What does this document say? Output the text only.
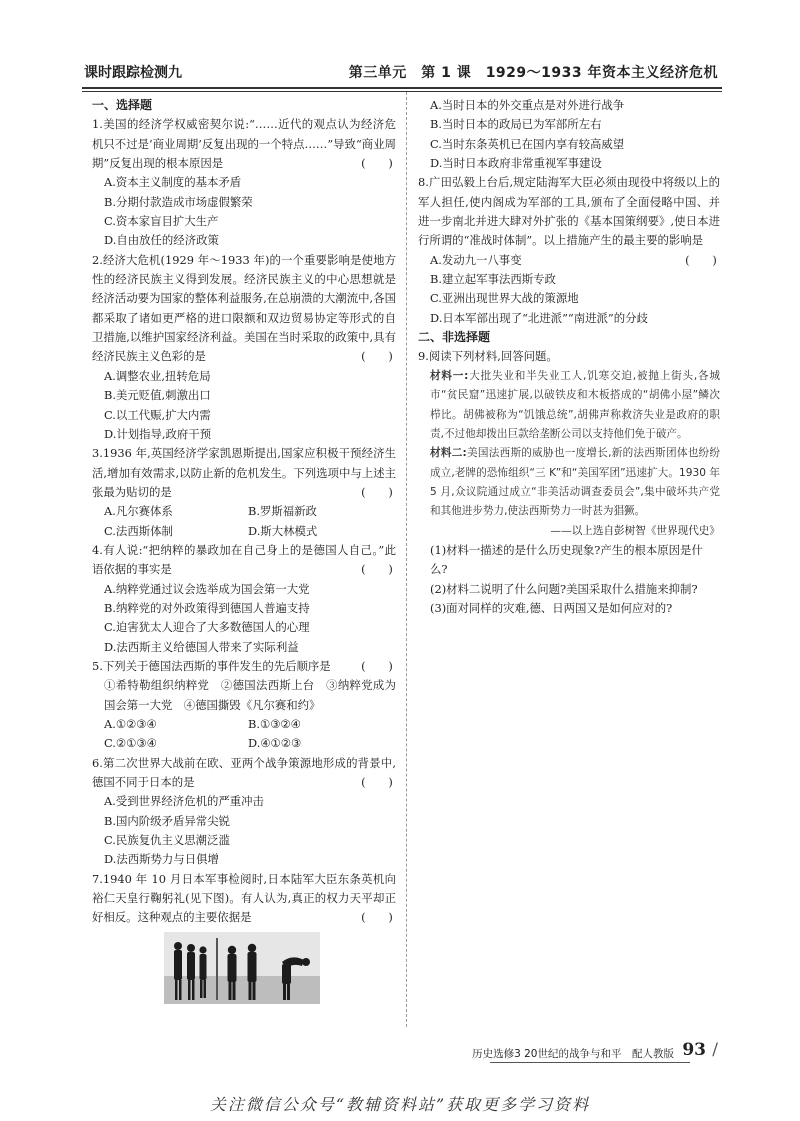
课时跟踪检测九	第三单元　第 1 课　1929～1933 年资本主义经济危机
一、选择题
1.美国的经济学权威密契尔说:“……近代的观点认为经济危机只不过是‘商业周期’反复出现的一个特点……”导致“商业周期”反复出现的根本原因是	(　　)
A.资本主义制度的基本矛盾
B.分期付款造成市场虚假繁荣
C.资本家盲目扩大生产
D.自由放任的经济政策
2.经济大危机(1929 年～1933 年)的一个重要影响是使地方性的经济民族主义得到发展。经济民族主义的中心思想就是经济活动要为国家的整体利益服务,在总崩溃的大潮流中,各国都采取了诸如更严格的进口限额和双边贸易协定等形式的自卫措施,以维护国家经济利益。美国在当时采取的政策中,具有经济民族主义色彩的是	(　　)
A.调整农业,扭转危局
B.美元贬值,刺激出口
C.以工代赈,扩大内需
D.计划指导,政府干预
3.1936 年,英国经济学家凯恩斯提出,国家应积极干预经济生活,增加有效需求,以防止新的危机发生。下列选项中与上述主张最为贴切的是	(　　)
A.凡尔赛体系	B.罗斯福新政
C.法西斯体制	D.斯大林模式
4.有人说:“把纳粹的暴政加在自己身上的是德国人自己。”此语依据的事实是	(　　)
A.纳粹党通过议会选举成为国会第一大党
B.纳粹党的对外政策得到德国人普遍支持
C.迫害犹太人迎合了大多数德国人的心理
D.法西斯主义给德国人带来了实际利益
5.下列关于德国法西斯的事件发生的先后顺序是	(　　)
①希特勒组织纳粹党　②德国法西斯上台　③纳粹党成为国会第一大党　④德国撕毁《凡尔赛和约》
A.①②③④	B.①③②④
C.②①③④	D.④①②③
6.第二次世界大战前在欧、亚两个战争策源地形成的背景中,德国不同于日本的是	(　　)
A.受到世界经济危机的严重冲击
B.国内阶级矛盾异常尖锐
C.民族复仇主义思潮泛滥
D.法西斯势力与日俱增
7.1940 年 10 月日本军事检阅时,日本陆军大臣东条英机向裕仁天皇行鞠躬礼(见下图)。有人认为,真正的权力天平却正好相反。这种观点的主要依据是	(　　)
A.当时日本的外交重点是对外进行战争
B.当时日本的政局已为军部所左右
C.当时东条英机已在国内享有较高威望
D.当时日本政府非常重视军事建设
8.广田弘毅上台后,规定陆海军大臣必须由现役中将级以上的军人担任,使内阁成为军部的工具,颁布了全面侵略中国、并进一步南北并进大肆对外扩张的《基本国策纲要》,使日本进行所谓的“准战时体制”。以上措施产生的最主要的影响是
(　　)
A.发动九一八事变
B.建立起军事法西斯专政
C.亚洲出现世界大战的策源地
D.日本军部出现了“北进派”“南进派”的分歧
二、非选择题
9.阅读下列材料,回答问题。
材料一:大批失业和半失业工人,饥寒交迫,被抛上街头,各城市“贫民窟”迅速扩展,以破铁皮和木板搭成的“胡佛小屋”鳞次栉比。胡佛被称为“饥饿总统”,胡佛声称救济失业是政府的职责,不过他却拨出巨款给垄断公司以支持他们免于破产。
材料二:美国法西斯的威胁也一度增长,新的法西斯团体也纷纷成立,老牌的恐怖组织“三 K”和“美国军团”迅速扩大。1930 年 5 月,众议院通过成立“非美活动调查委员会”,集中破坏共产党和其他进步势力,使法西斯势力一时甚为猖獗。
——以上选自彭树智《世界现代史》
(1)材料一描述的是什么历史现象?产生的根本原因是什么?
(2)材料二说明了什么问题?美国采取什么措施来抑制?
(3)面对同样的灾难,德、日两国又是如何应对的?
历史选修3 20世纪的战争与和平　配人教版 93 /
关注微信公众号“教辅资料站”获取更多学习资料
